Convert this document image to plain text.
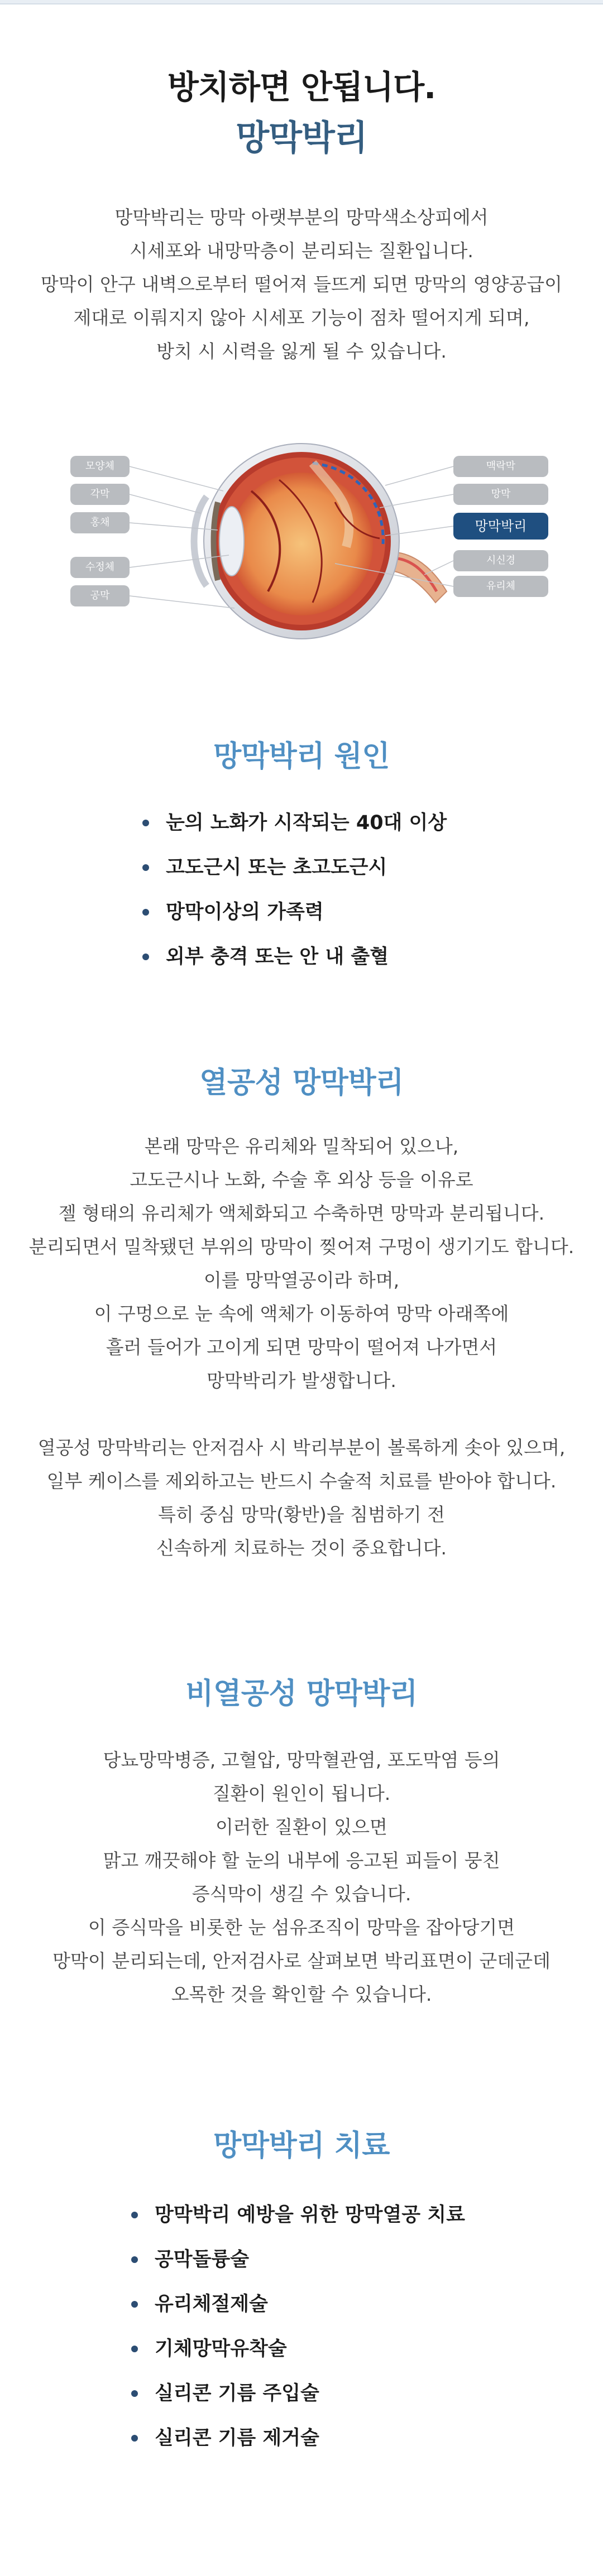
방치하면 안됩니다.
망막박리

망막박리는 망막 아랫부분의 망막색소상피에서

시세포와 내망막층이 분리되는 질환입니다.

망막이 안구 내벽으로부터 떨어져 들뜨게 되면 망막의 영양공급이

제대로 이뤄지지 않아 시세포 기능이 점차 떨어지게 되며,

방치 시 시력을 잃게 될 수 있습니다.

모양체
각막
홍채
수정체
공막
맥락막
망막
망막박리
시신경
유리체
망막박리 원인
눈의 노화가 시작되는 40대 이상
고도근시 또는 초고도근시
망막이상의 가족력
외부 충격 또는 안 내 출혈
열공성 망막박리

본래 망막은 유리체와 밀착되어 있으나,

고도근시나 노화, 수술 후 외상 등을 이유로

젤 형태의 유리체가 액체화되고 수축하면 망막과 분리됩니다.

분리되면서 밀착됐던 부위의 망막이 찢어져 구멍이 생기기도 합니다.

이를 망막열공이라 하며,

이 구멍으로 눈 속에 액체가 이동하여 망막 아래쪽에

흘러 들어가 고이게 되면 망막이 떨어져 나가면서

망막박리가 발생합니다.

열공성 망막박리는 안저검사 시 박리부분이 볼록하게 솟아 있으며,

일부 케이스를 제외하고는 반드시 수술적 치료를 받아야 합니다.

특히 중심 망막(황반)을 침범하기 전

신속하게 치료하는 것이 중요합니다.

비열공성 망막박리

당뇨망막병증, 고혈압, 망막혈관염, 포도막염 등의

질환이 원인이 됩니다.

이러한 질환이 있으면

맑고 깨끗해야 할 눈의 내부에 응고된 피들이 뭉친

증식막이 생길 수 있습니다.

이 증식막을 비롯한 눈 섬유조직이 망막을 잡아당기면

망막이 분리되는데, 안저검사로 살펴보면 박리표면이 군데군데

오목한 것을 확인할 수 있습니다.

망막박리 치료
망막박리 예방을 위한 망막열공 치료
공막돌륭술
유리체절제술
기체망막유착술
실리콘 기름 주입술
실리콘 기름 제거술
